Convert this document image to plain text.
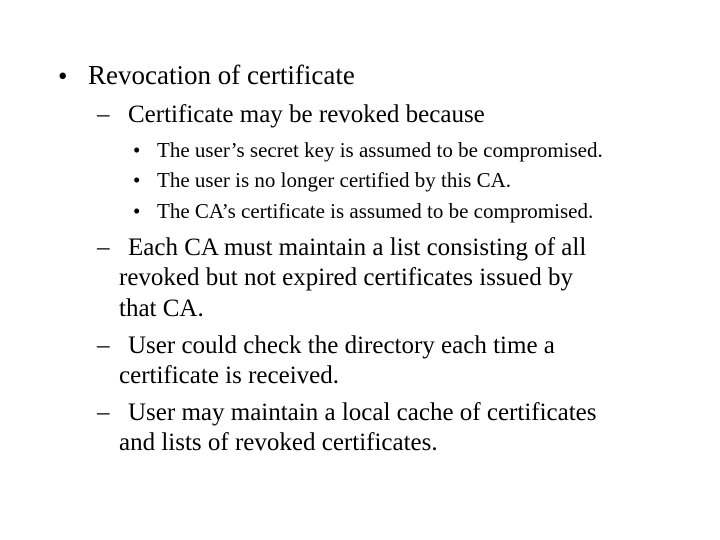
• Revocation of certificate
– Certificate may be revoked because
• The user’s secret key is assumed to be compromised.
• The user is no longer certified by this CA.
• The CA’s certificate is assumed to be compromised.
– Each CA must maintain a list consisting of all
revoked but not expired certificates issued by
that CA.
– User could check the directory each time a
certificate is received.
– User may maintain a local cache of certificates
and lists of revoked certificates.
